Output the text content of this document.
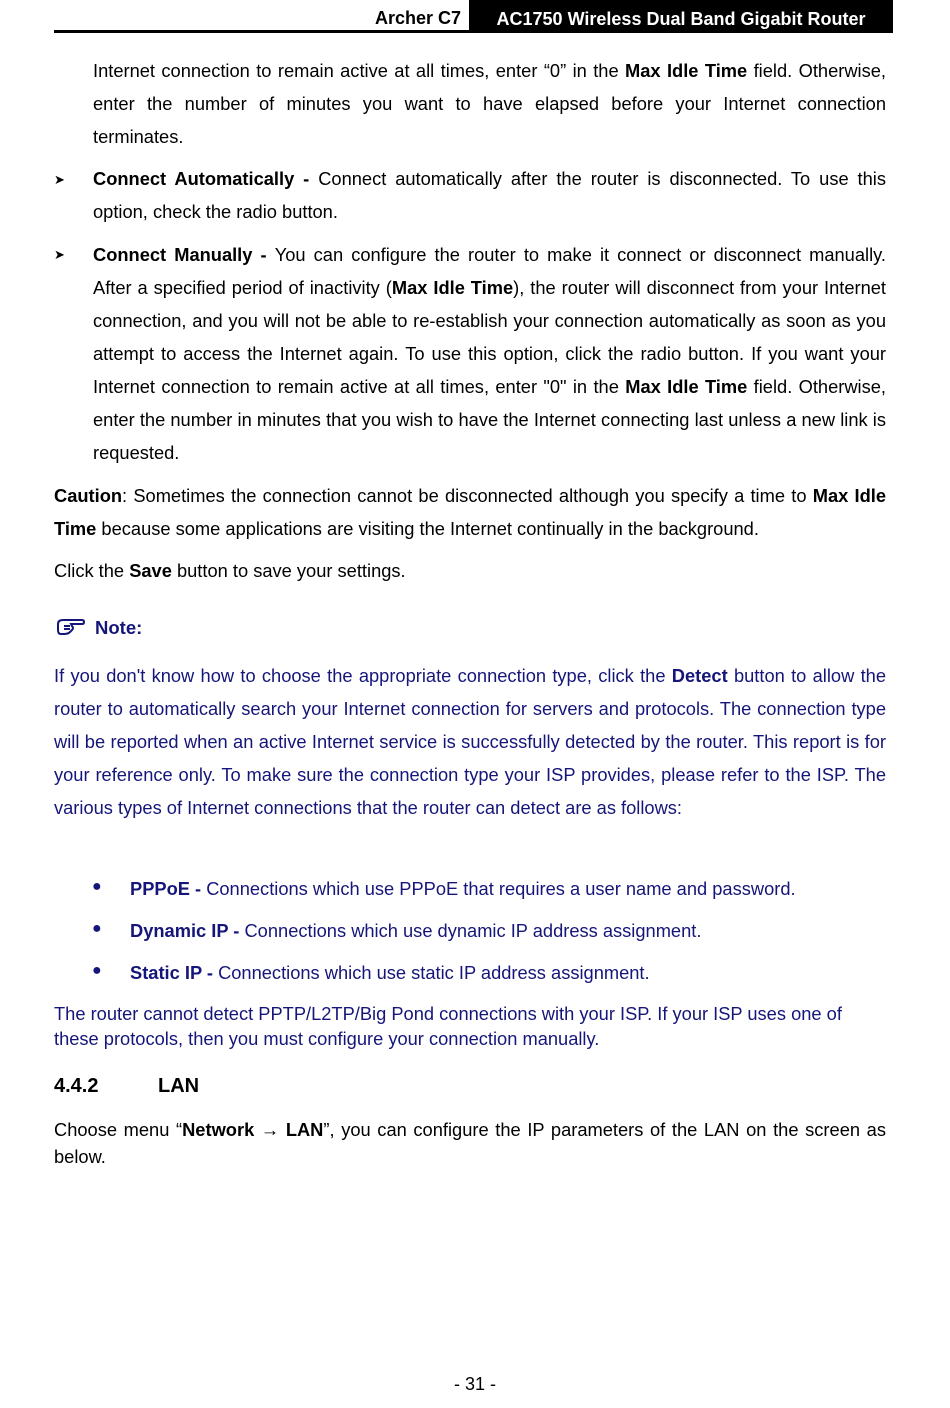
Archer C7	AC1750 Wireless Dual Band Gigabit Router
Internet connection to remain active at all times, enter “0” in the Max Idle Time field. Otherwise, enter the number of minutes you want to have elapsed before your Internet connection terminates.
➤ Connect Automatically - Connect automatically after the router is disconnected. To use this option, check the radio button.
➤ Connect Manually - You can configure the router to make it connect or disconnect manually. After a specified period of inactivity (Max Idle Time), the router will disconnect from your Internet connection, and you will not be able to re-establish your connection automatically as soon as you attempt to access the Internet again. To use this option, click the radio button. If you want your Internet connection to remain active at all times, enter "0" in the Max Idle Time field. Otherwise, enter the number in minutes that you wish to have the Internet connecting last unless a new link is requested.
Caution: Sometimes the connection cannot be disconnected although you specify a time to Max Idle Time because some applications are visiting the Internet continually in the background.
Click the Save button to save your settings.
Note:
If you don't know how to choose the appropriate connection type, click the Detect button to allow the router to automatically search your Internet connection for servers and protocols. The connection type will be reported when an active Internet service is successfully detected by the router. This report is for your reference only. To make sure the connection type your ISP provides, please refer to the ISP. The various types of Internet connections that the router can detect are as follows:
● PPPoE - Connections which use PPPoE that requires a user name and password.
● Dynamic IP - Connections which use dynamic IP address assignment.
● Static IP - Connections which use static IP address assignment.
The router cannot detect PPTP/L2TP/Big Pond connections with your ISP. If your ISP uses one of these protocols, then you must configure your connection manually.
4.4.2	LAN
Choose menu “Network → LAN”, you can configure the IP parameters of the LAN on the screen as below.
- 31 -
